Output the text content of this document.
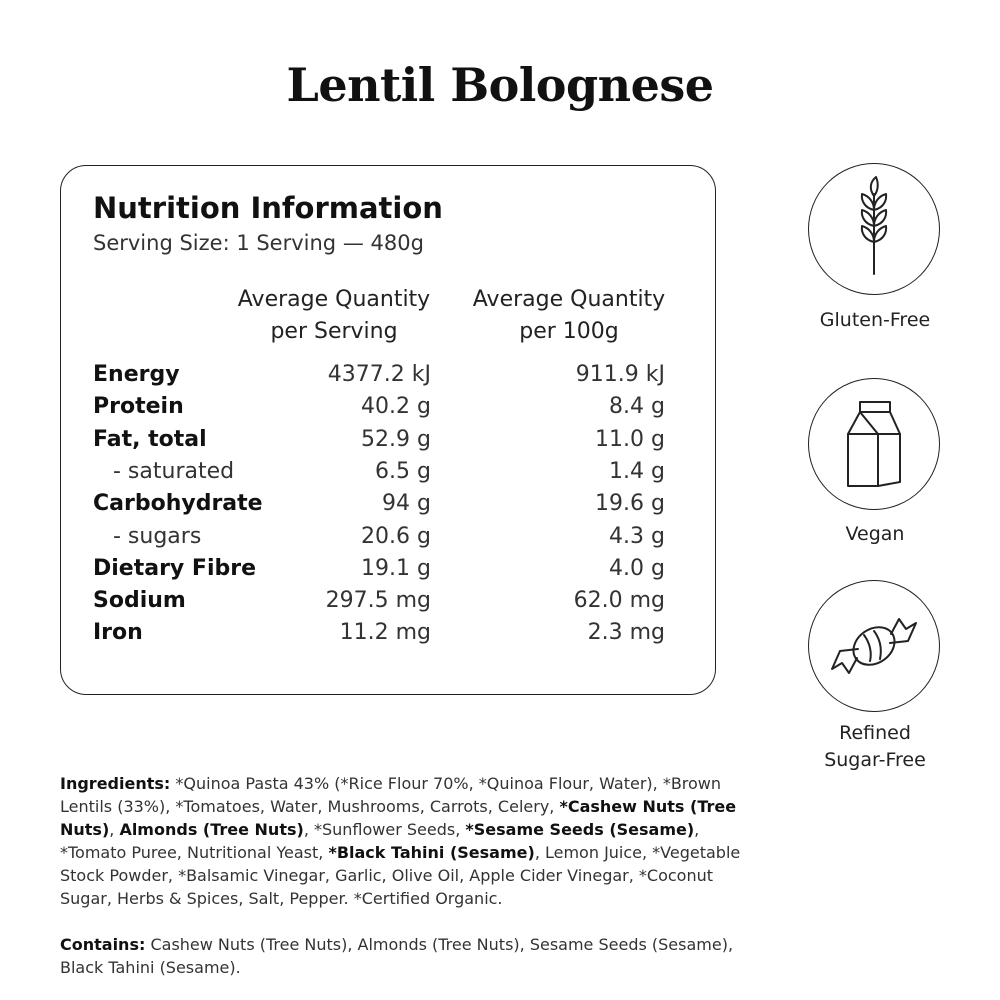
Lentil Bolognese
Nutrition Information
Serving Size: 1 Serving — 480g
Average Quantity
per Serving
Average Quantity
per 100g
Energy	4377.2 kJ	911.9 kJ
Protein	40.2 g	8.4 g
Fat, total	52.9 g	11.0 g
- saturated	6.5 g	1.4 g
Carbohydrate	94 g	19.6 g
- sugars	20.6 g	4.3 g
Dietary Fibre	19.1 g	4.0 g
Sodium	297.5 mg	62.0 mg
Iron	11.2 mg	2.3 mg
Gluten-Free
Vegan
Refined
Sugar-Free
Ingredients: *Quinoa Pasta 43% (*Rice Flour 70%, *Quinoa Flour, Water), *Brown Lentils (33%), *Tomatoes, Water, Mushrooms, Carrots, Celery, *Cashew Nuts (Tree Nuts), Almonds (Tree Nuts), *Sunflower Seeds, *Sesame Seeds (Sesame), *Tomato Puree, Nutritional Yeast, *Black Tahini (Sesame), Lemon Juice, *Vegetable Stock Powder, *Balsamic Vinegar, Garlic, Olive Oil, Apple Cider Vinegar, *Coconut Sugar, Herbs & Spices, Salt, Pepper. *Certified Organic.
Contains: Cashew Nuts (Tree Nuts), Almonds (Tree Nuts), Sesame Seeds (Sesame), Black Tahini (Sesame).
